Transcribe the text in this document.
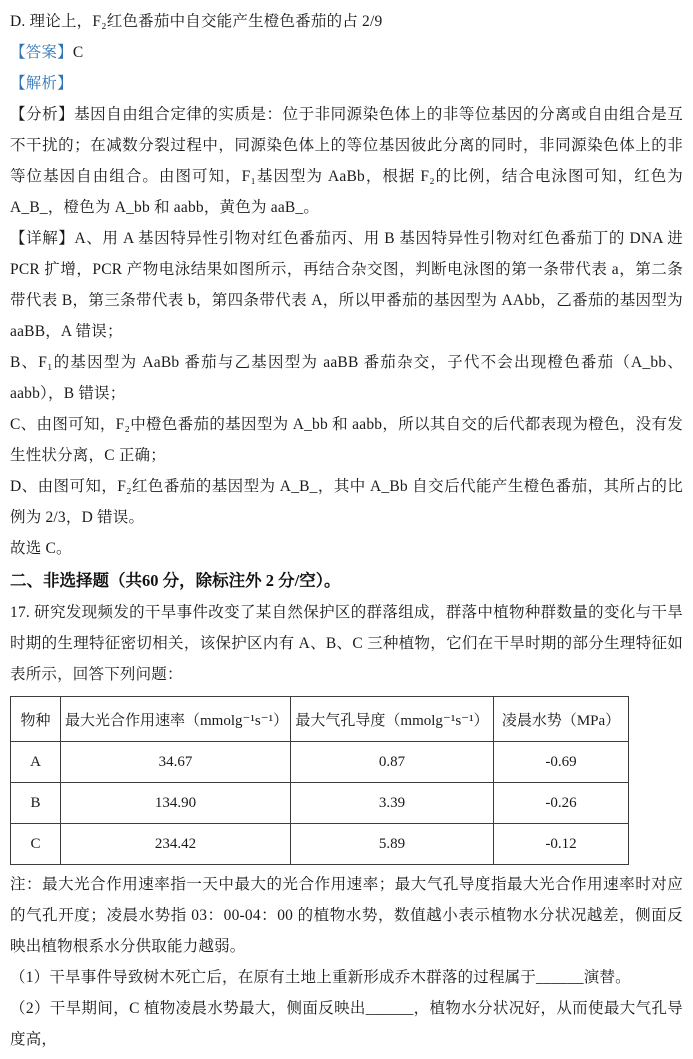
D. 理论上，F₂红色番茄中自交能产生橙色番茄的占 2/9

【答案】C

【解析】

【分析】基因自由组合定律的实质是：位于非同源染色体上的非等位基因的分离或自由组合是互不干扰的；在减数分裂过程中，同源染色体上的等位基因彼此分离的同时，非同源染色体上的非等位基因自由组合。由图可知，F₁基因型为 AaBb，根据 F₂的比例，结合电泳图可知，红色为 A_B_，橙色为 A_bb 和 aabb，黄色为 aaB_。

【详解】A、用 A 基因特异性引物对红色番茄丙、用 B 基因特异性引物对红色番茄丁的 DNA 进 PCR 扩增，PCR 产物电泳结果如图所示，再结合杂交图，判断电泳图的第一条带代表 a，第二条带代表 B，第三条带代表 b，第四条带代表 A，所以甲番茄的基因型为 AAbb，乙番茄的基因型为 aaBB，A 错误；

B、F₁的基因型为 AaBb 番茄与乙基因型为 aaBB 番茄杂交，子代不会出现橙色番茄（A_bb、aabb），B 错误；

C、由图可知，F₂中橙色番茄的基因型为 A_bb 和 aabb，所以其自交的后代都表现为橙色，没有发生性状分离，C 正确；

D、由图可知，F₂红色番茄的基因型为 A_B_，其中 A_Bb 自交后代能产生橙色番茄，其所占的比例为 2/3，D 错误。

故选 C。

二、非选择题（共60 分，除标注外 2 分/空）。

17. 研究发现频发的干旱事件改变了某自然保护区的群落组成，群落中植物种群数量的变化与干旱时期的生理特征密切相关，该保护区内有 A、B、C 三种植物，它们在干旱时期的部分生理特征如表所示，回答下列问题：

物种	最大光合作用速率（mmolg⁻¹s⁻¹）	最大气孔导度（mmolg⁻¹s⁻¹）	凌晨水势（MPa）
A	34.67	0.87	-0.69
B	134.90	3.39	-0.26
C	234.42	5.89	-0.12

注：最大光合作用速率指一天中最大的光合作用速率；最大气孔导度指最大光合作用速率时对应的气孔开度；凌晨水势指 03：00-04：00 的植物水势，数值越小表示植物水分状况越差，侧面反映出植物根系水分供取能力越弱。

（1）干旱事件导致树木死亡后，在原有土地上重新形成乔木群落的过程属于______演替。

（2）干旱期间，C 植物凌晨水势最大，侧面反映出______，植物水分状况好，从而使最大气孔导度高，
